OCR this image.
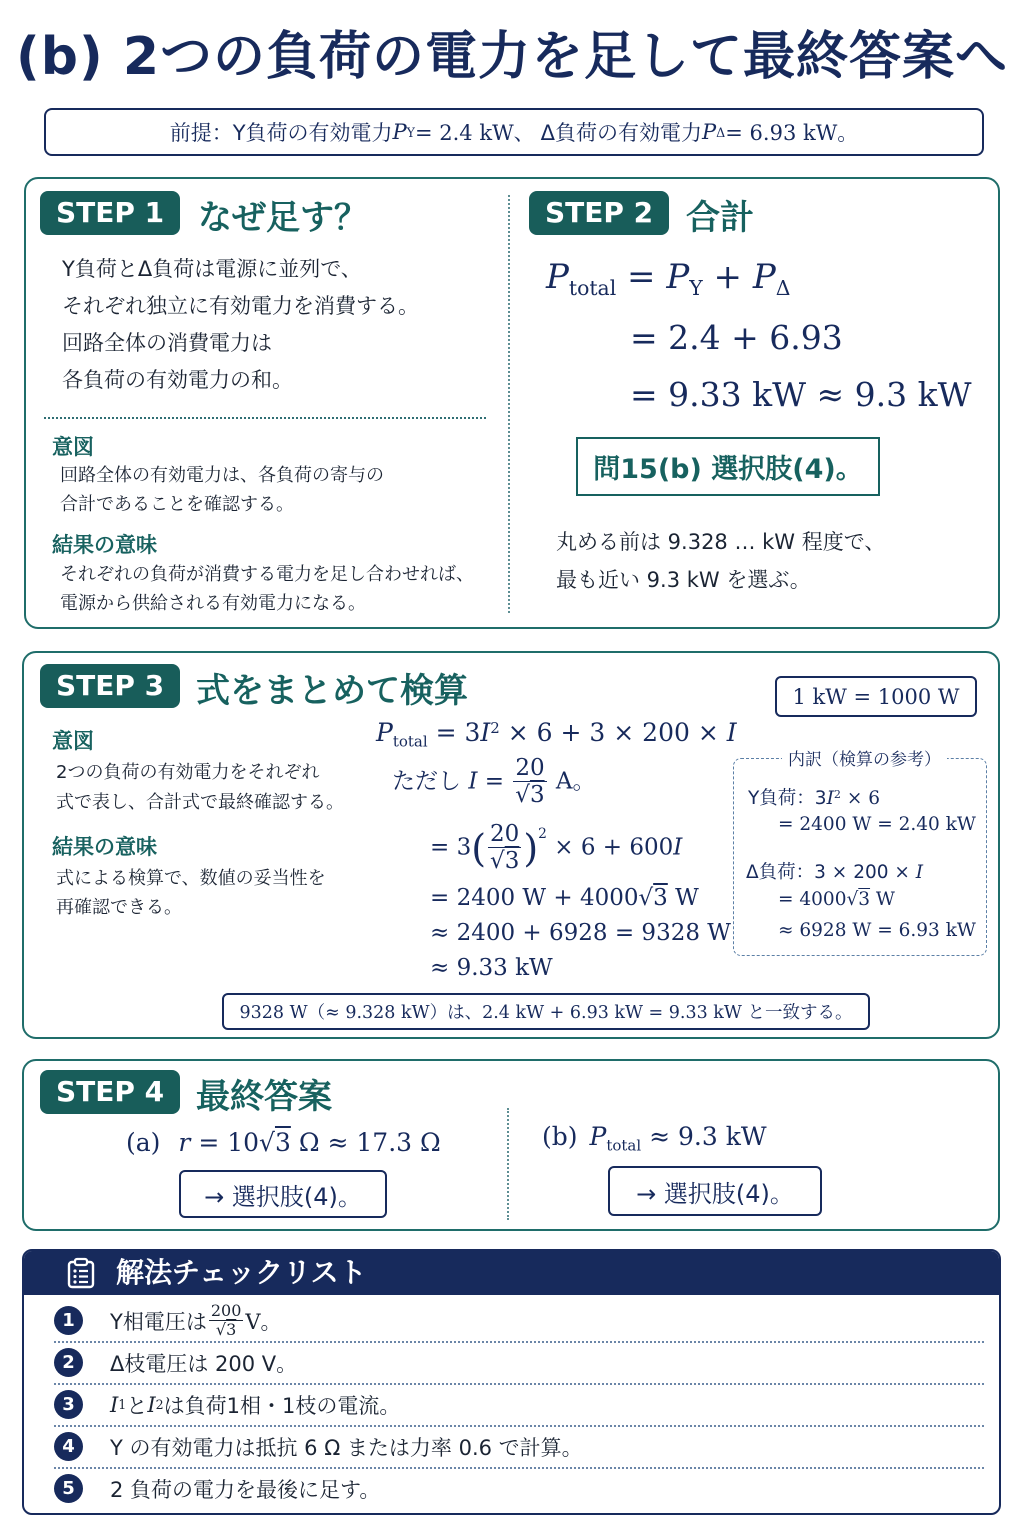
(b) 2つの負荷の電力を足して最終答案へ
前提：Y負荷の有効電力 P Y = 2.4 kW、 Δ負荷の有効電力 P Δ = 6.93 kW。
STEP 1 なぜ足す？
Y負荷とΔ負荷は電源に並列で、
それぞれ独立に有効電力を消費する。
回路全体の消費電力は
各負荷の有効電力の和。
意図
回路全体の有効電力は、各負荷の寄与の
合計であることを確認する。
結果の意味
それぞれの負荷が消費する電力を足し合わせれば、
電源から供給される有効電力になる。
STEP 2 合計
$P_{total} = P_Y + P_\Delta$
= 2.4 + 6.93
= 9.33 kW ≈ 9.3 kW
問15(b) 選択肢(4)。
丸める前は 9.328 … kW 程度で、
最も近い 9.3 kW を選ぶ。
STEP 3 式をまとめて検算	1 kW = 1000 W
意図
2つの負荷の有効電力をそれぞれ
式で表し、合計式で最終確認する。
結果の意味
式による検算で、数値の妥当性を
再確認できる。
$P_{total} = 3I^2 \times 6 + 3 \times 200 \times I$
ただし $I = \frac{20}{√3}$ A。
= $3( \frac{20}{√3} )^2 \times 6 + 600I$
= 2400 W + 4000√3 W
≈ 2400 + 6928 = 9328 W
≈ 9.33 kW
内訳（検算の参考）
Y負荷：$3I^2 \times 6$
= 2400 W = 2.40 kW
Δ負荷：3 × 200 × I
= 4000√3 W
≈ 6928 W = 6.93 kW
9328 W（≈ 9.328 kW）は、2.4 kW + 6.93 kW = 9.33 kW と一致する。
STEP 4 最終答案
(a) r = 10√3 Ω ≈ 17.3 Ω
→ 選択肢(4)。
(b) $P_{total} \approx 9.3$ kW
→ 選択肢(4)。
解法チェックリスト
1	Y相電圧は $\frac{200}{√3}$ V。
2	Δ枝電圧は 200 V。
3	I 1 と I 2 は負荷1相・1枝の電流。
4	Y の有効電力は抵抗 6 Ω または力率 0.6 で計算。
5	2 負荷の電力を最後に足す。
